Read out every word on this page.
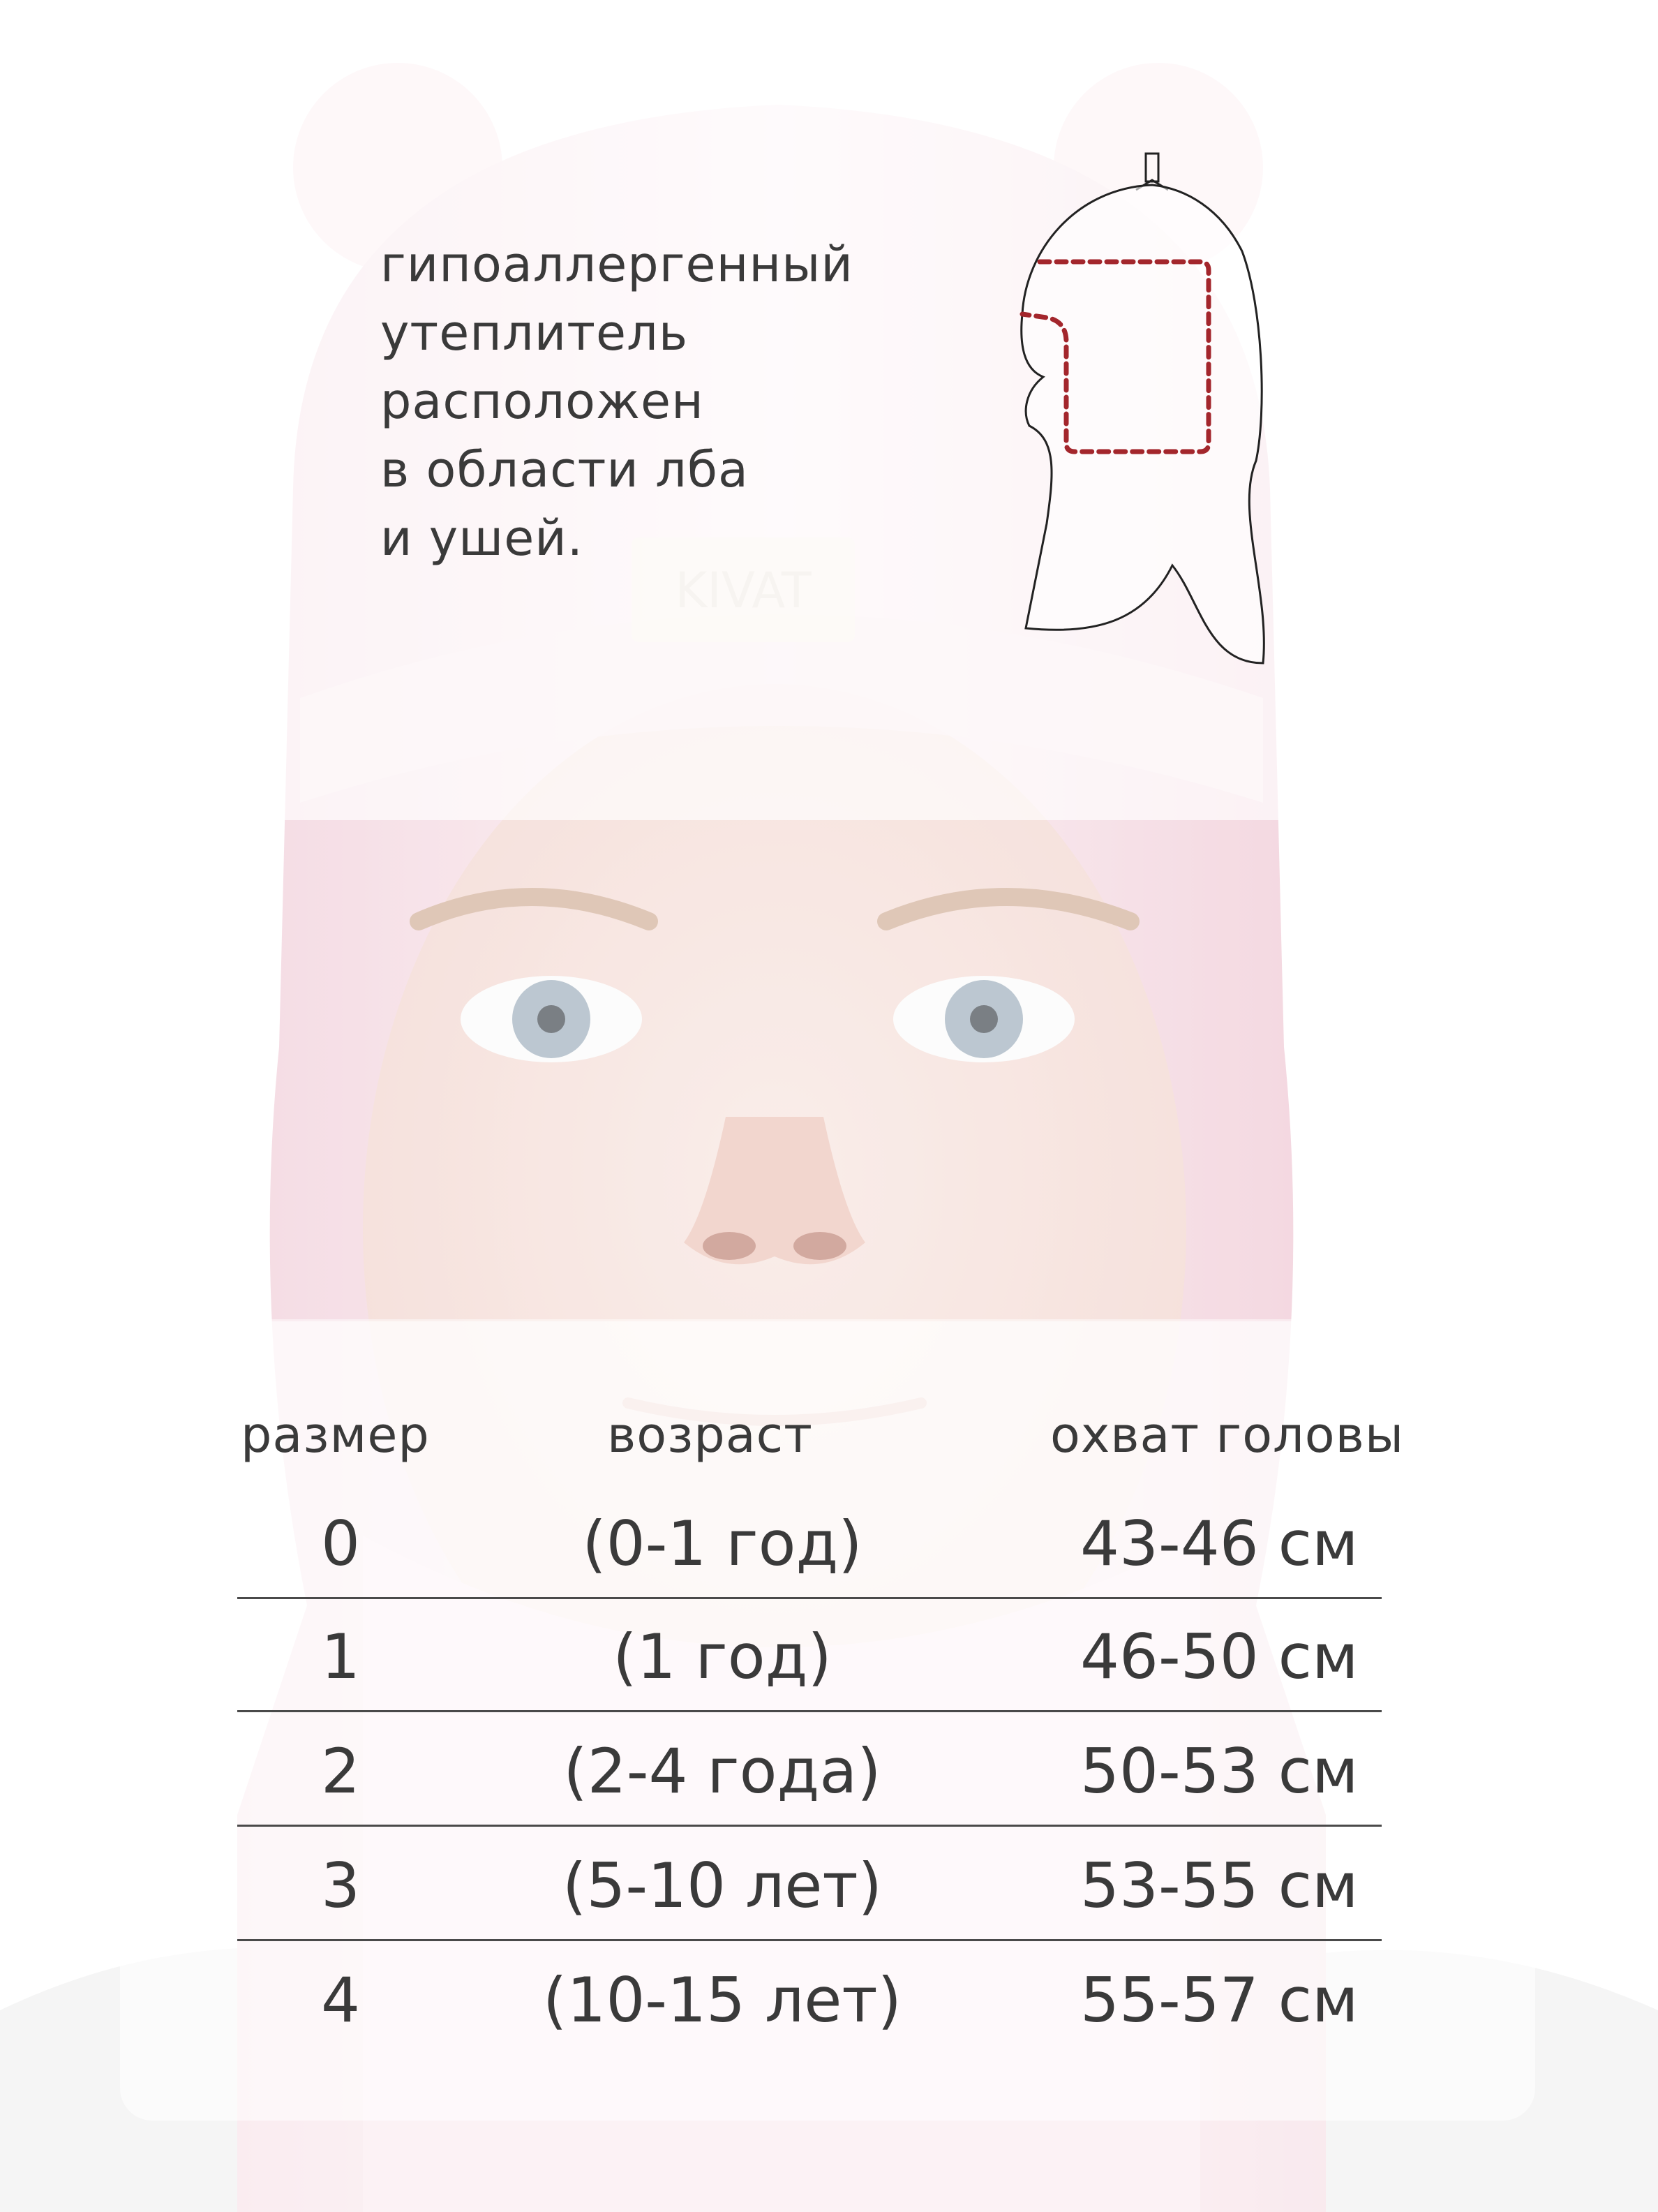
гипоаллергенный
утеплитель
расположен
в области лба
и ушей.
размер	возраст	охват головы
0	(0-1 год)	43-46 см
1	(1 год)	46-50 см
2	(2-4 года)	50-53 см
3	(5-10 лет)	53-55 см
4	(10-15 лет)	55-57 см
